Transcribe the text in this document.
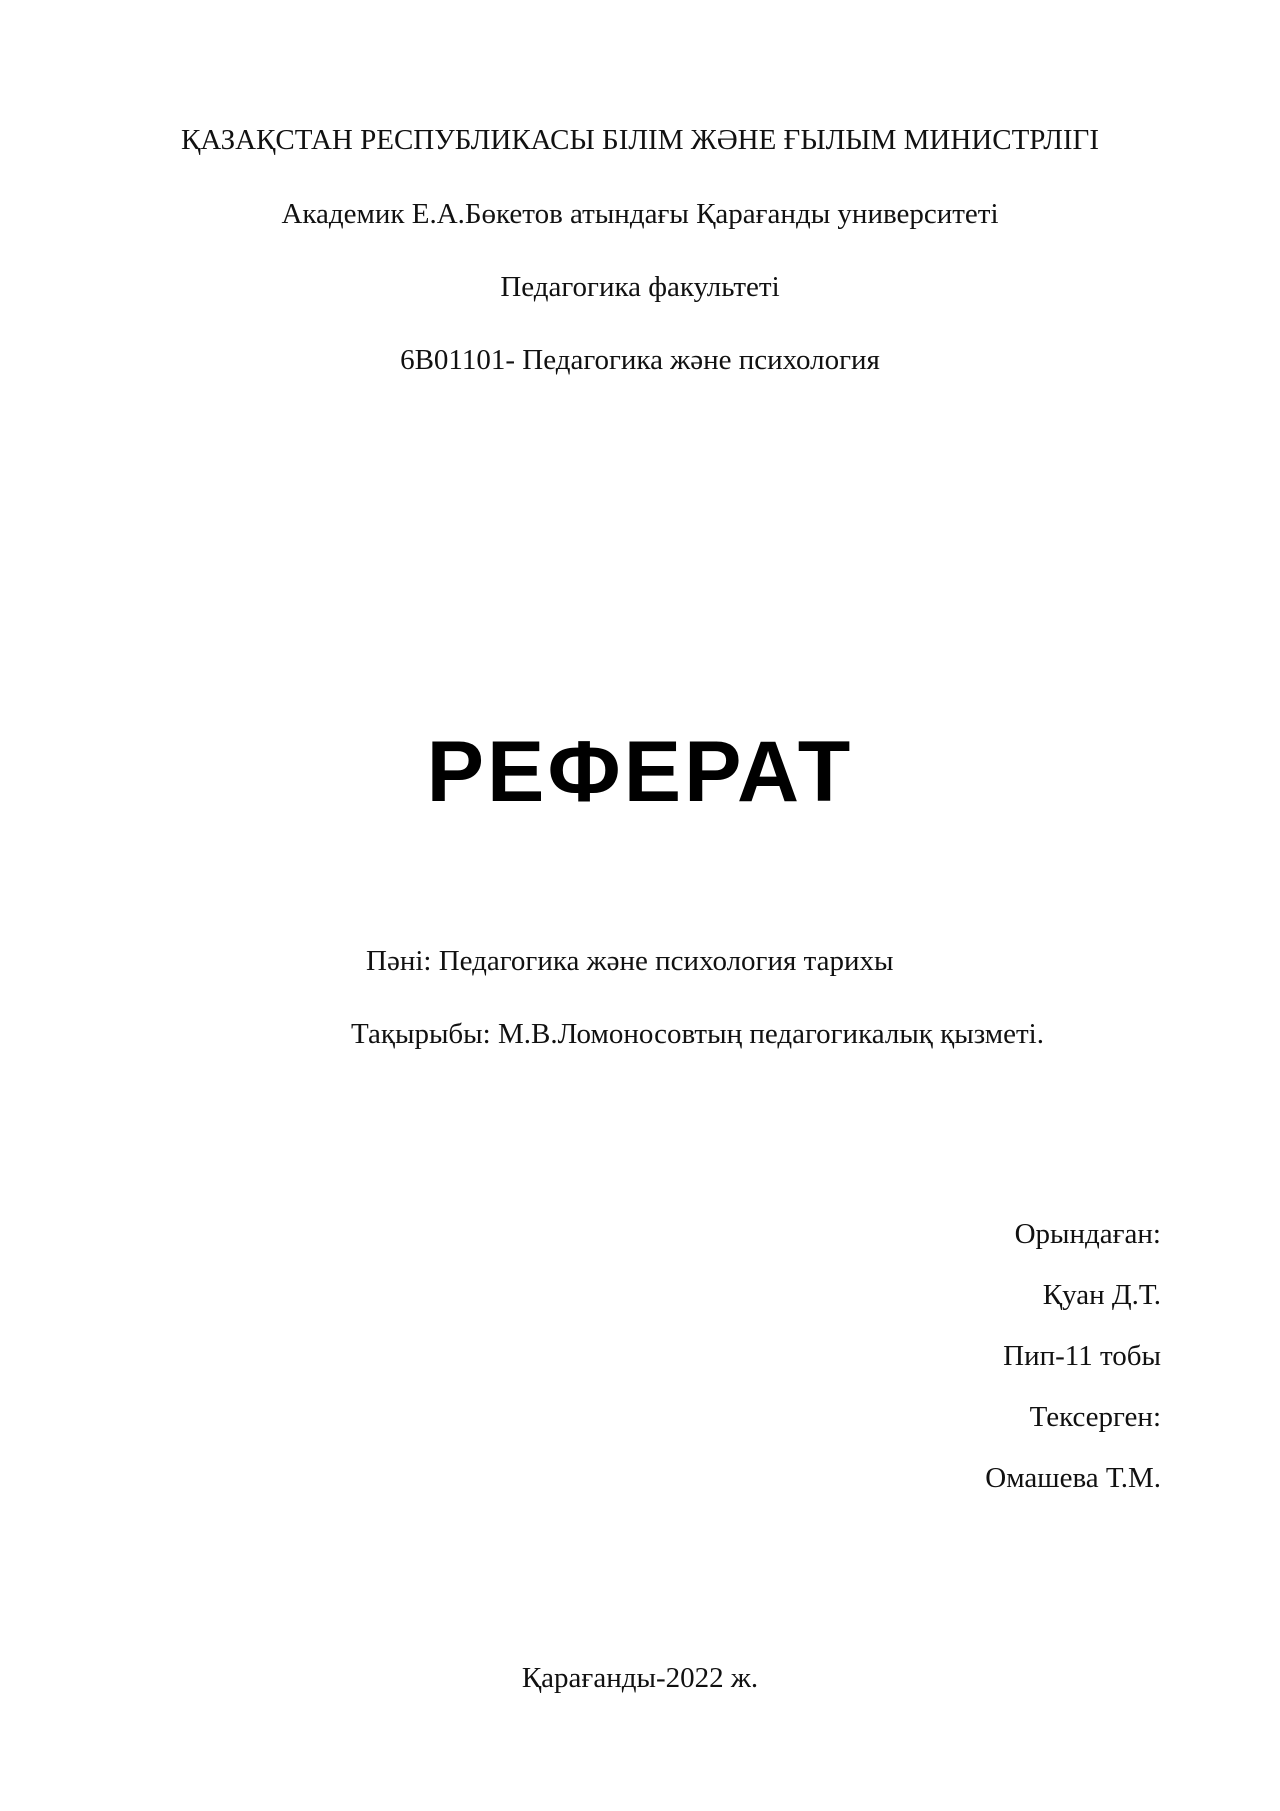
ҚАЗАҚСТАН РЕСПУБЛИКАСЫ БІЛІМ ЖӘНЕ ҒЫЛЫМ МИНИСТРЛІГІ
Академик Е.А.Бөкетов атындағы Қарағанды университеті
Педагогика факультеті
6В01101- Педагогика және психология
РЕФЕРАТ
Пәні: Педагогика және психология тарихы
Тақырыбы: М.В.Ломоносовтың педагогикалық қызметі.
Орындаған:
Қуан Д.Т.
Пип-11 тобы
Тексерген:
Омашева Т.М.
Қарағанды-2022 ж.
